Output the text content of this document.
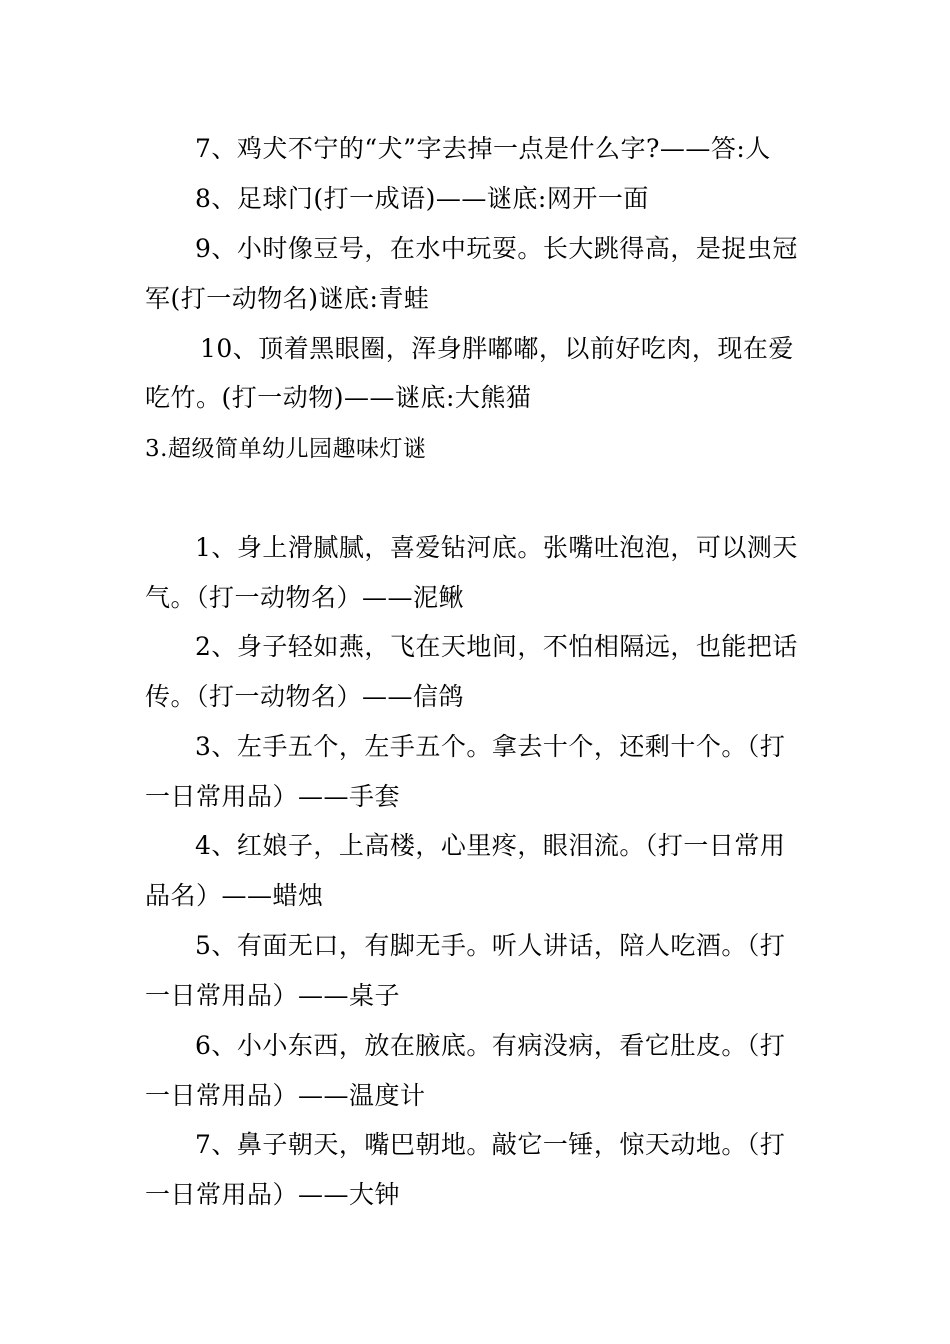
7、鸡犬不宁的“犬”字去掉一点是什么字?——答:人
8、足球门(打一成语)——谜底:网开一面
9、小时像豆号，在水中玩耍。长大跳得高，是捉虫冠
军(打一动物名)谜底:青蛙
10、顶着黑眼圈，浑身胖嘟嘟，以前好吃肉，现在爱
吃竹。(打一动物)——谜底:大熊猫
3.超级简单幼儿园趣味灯谜
1、身上滑腻腻，喜爱钻河底。张嘴吐泡泡，可以测天
气。（打一动物名）——泥鳅
2、身子轻如燕，飞在天地间，不怕相隔远，也能把话
传。（打一动物名）——信鸽
3、左手五个，左手五个。拿去十个，还剩十个。（打
一日常用品）——手套
4、红娘子，上高楼，心里疼，眼泪流。（打一日常用
品名）——蜡烛
5、有面无口，有脚无手。听人讲话，陪人吃酒。（打
一日常用品）——桌子
6、小小东西，放在腋底。有病没病，看它肚皮。（打
一日常用品）——温度计
7、鼻子朝天，嘴巴朝地。敲它一锤，惊天动地。（打
一日常用品）——大钟
